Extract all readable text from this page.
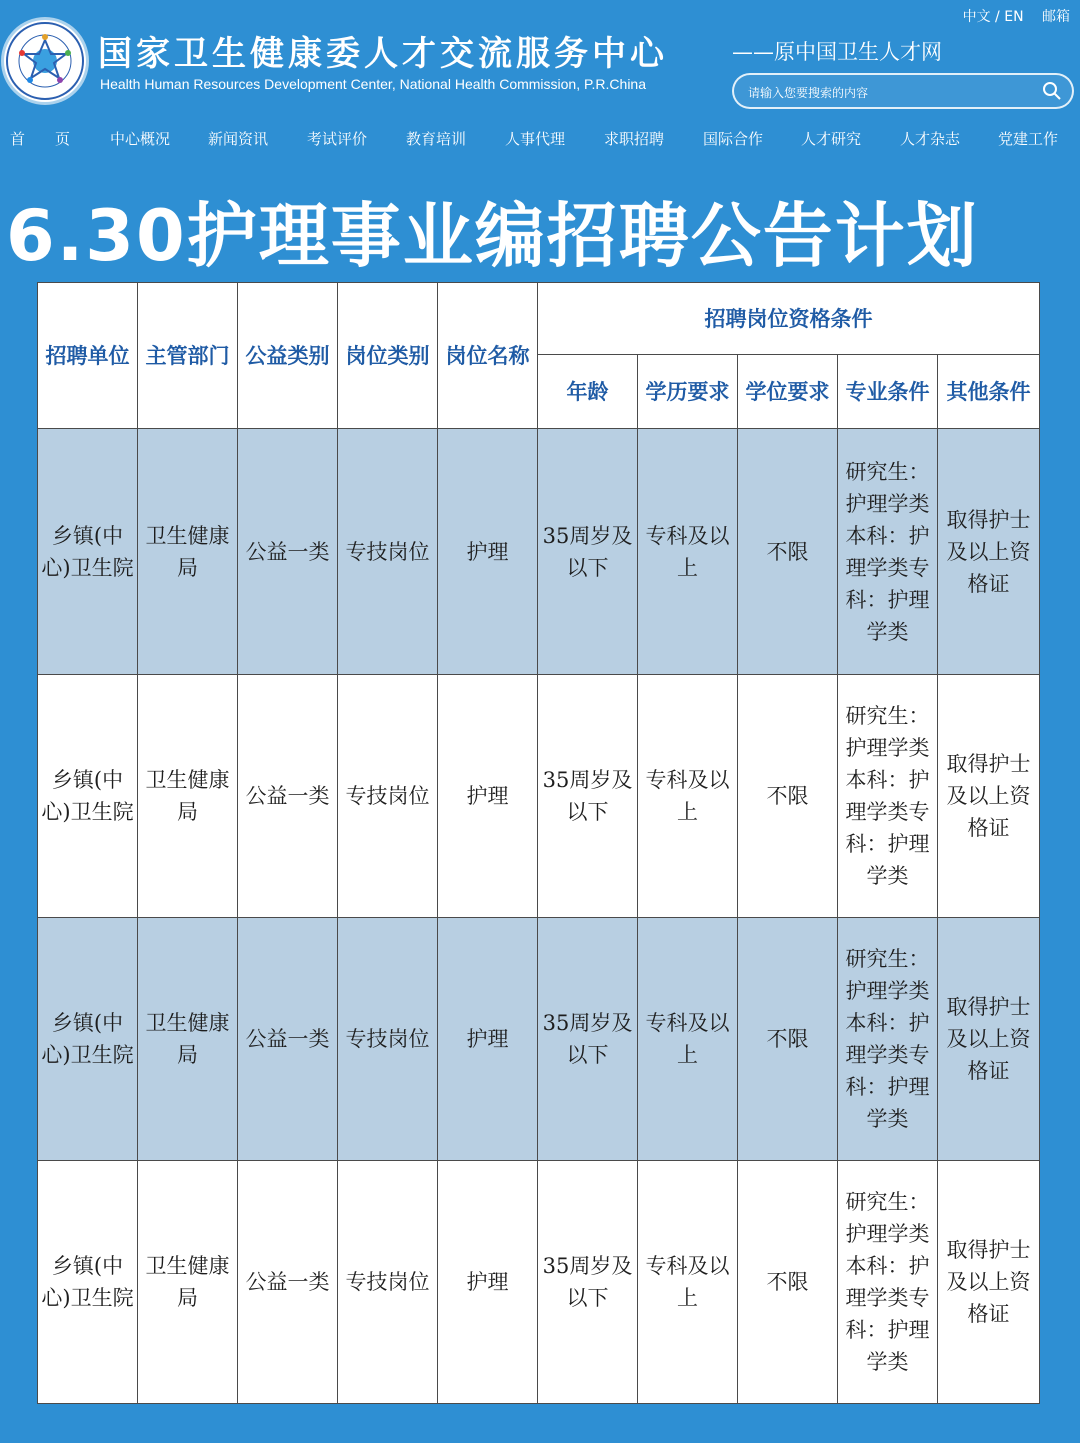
国家卫生健康委人才交流服务中心
Health Human Resources Development Center, National Health Commission, P.R.China
——原中国卫生人才网
中文 / EN 邮箱
请输入您要搜索的内容
首　　页	中心概况	新闻资讯	考试评价	教育培训	人事代理	求职招聘	国际合作	人才研究	人才杂志	党建工作
6.30护理事业编招聘公告计划
招聘单位	主管部门	公益类别	岗位类别	岗位名称	招聘岗位资格条件				
					年龄	学历要求	学位要求	专业条件	其他条件
乡镇(中心)卫生院	卫生健康局	公益一类	专技岗位	护理	35周岁及以下	专科及以上	不限	研究生：护理学类本科：护理学类专科：护理学类	取得护士及以上资格证
乡镇(中心)卫生院	卫生健康局	公益一类	专技岗位	护理	35周岁及以下	专科及以上	不限	研究生：护理学类本科：护理学类专科：护理学类	取得护士及以上资格证
乡镇(中心)卫生院	卫生健康局	公益一类	专技岗位	护理	35周岁及以下	专科及以上	不限	研究生：护理学类本科：护理学类专科：护理学类	取得护士及以上资格证
乡镇(中心)卫生院	卫生健康局	公益一类	专技岗位	护理	35周岁及以下	专科及以上	不限	研究生：护理学类本科：护理学类专科：护理学类	取得护士及以上资格证
